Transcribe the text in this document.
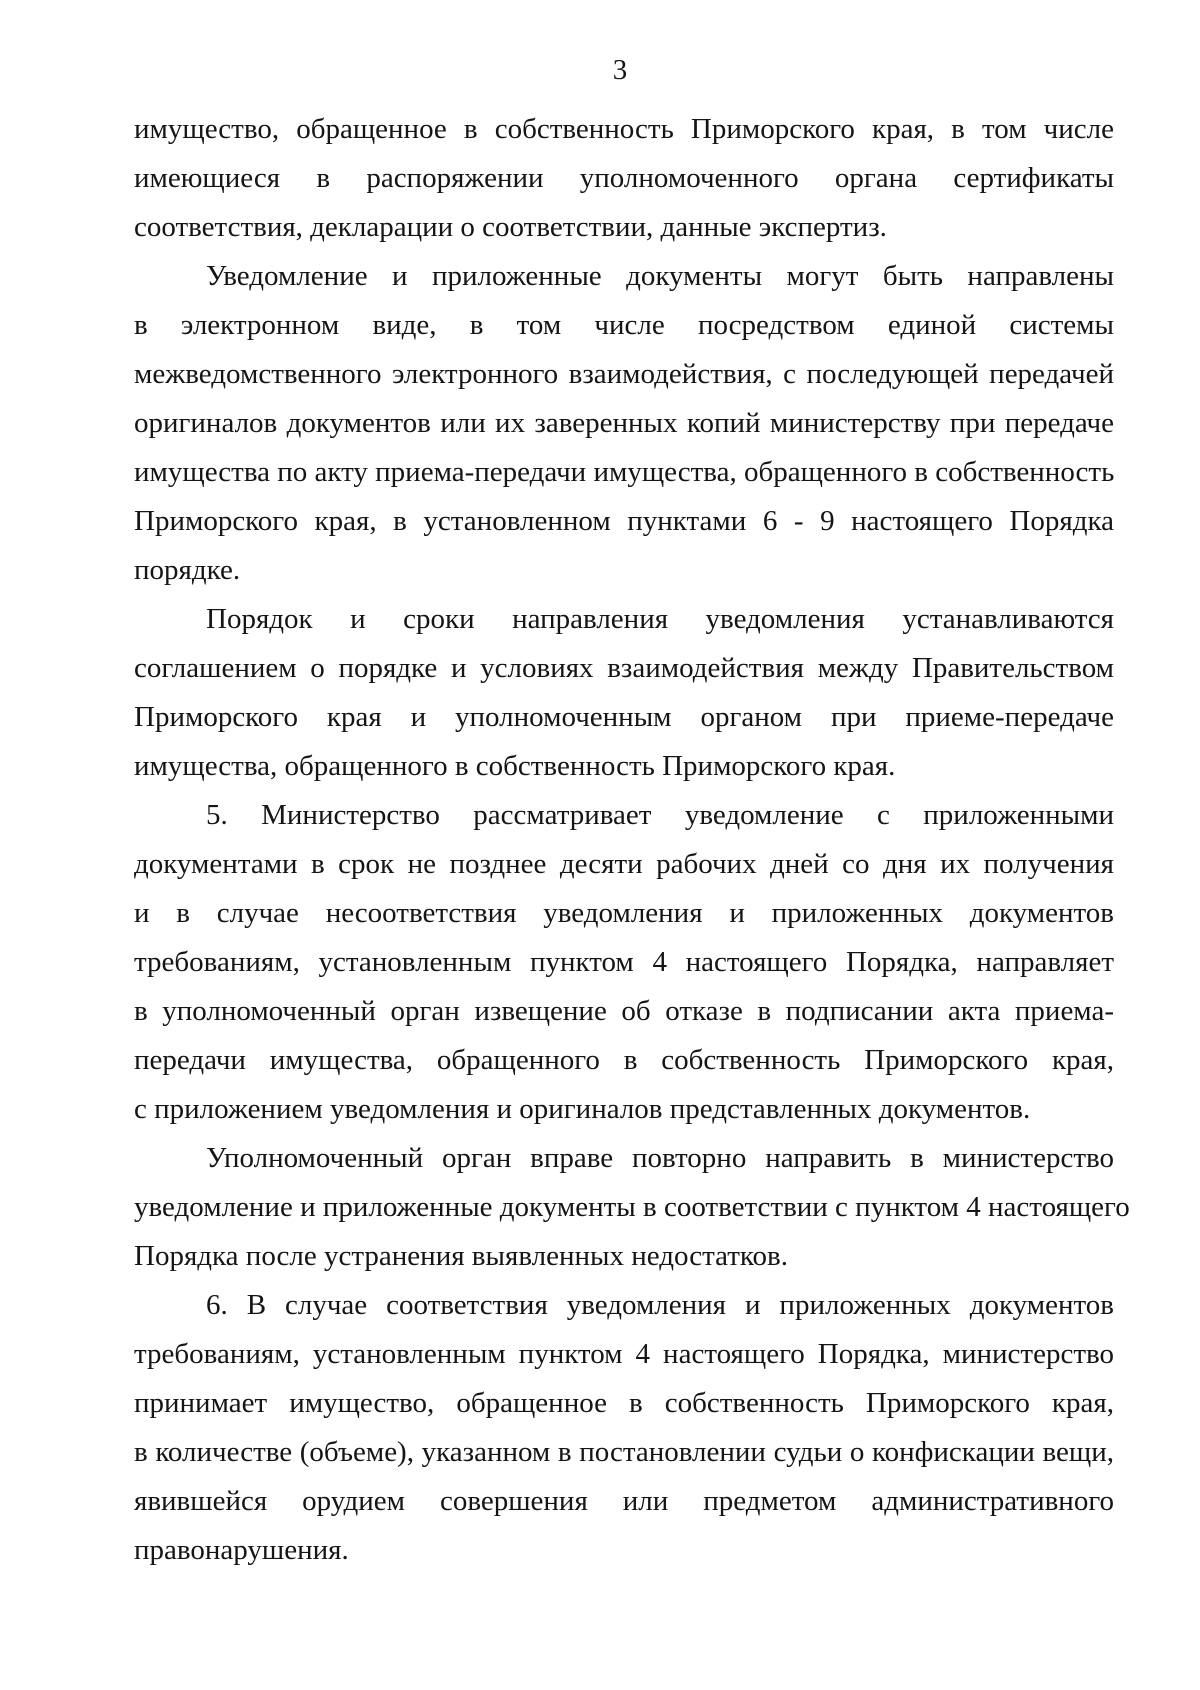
3
имущество, обращенное в собственность Приморского края, в том числе
имеющиеся в распоряжении уполномоченного органа сертификаты
соответствия, декларации о соответствии, данные экспертиз.
Уведомление и приложенные документы могут быть направлены
в электронном виде, в том числе посредством единой системы
межведомственного электронного взаимодействия, с последующей передачей
оригиналов документов или их заверенных копий министерству при передаче
имущества по акту приема-передачи имущества, обращенного в собственность
Приморского края, в установленном пунктами 6 - 9 настоящего Порядка
порядке.
Порядок и сроки направления уведомления устанавливаются
соглашением о порядке и условиях взаимодействия между Правительством
Приморского края и уполномоченным органом при приеме-передаче
имущества, обращенного в собственность Приморского края.
5. Министерство рассматривает уведомление с приложенными
документами в срок не позднее десяти рабочих дней со дня их получения
и в случае несоответствия уведомления и приложенных документов
требованиям, установленным пунктом 4 настоящего Порядка, направляет
в уполномоченный орган извещение об отказе в подписании акта приема-
передачи имущества, обращенного в собственность Приморского края,
с приложением уведомления и оригиналов представленных документов.
Уполномоченный орган вправе повторно направить в министерство
уведомление и приложенные документы в соответствии с пунктом 4 настоящего
Порядка после устранения выявленных недостатков.
6. В случае соответствия уведомления и приложенных документов
требованиям, установленным пунктом 4 настоящего Порядка, министерство
принимает имущество, обращенное в собственность Приморского края,
в количестве (объеме), указанном в постановлении судьи о конфискации вещи,
явившейся орудием совершения или предметом административного
правонарушения.
